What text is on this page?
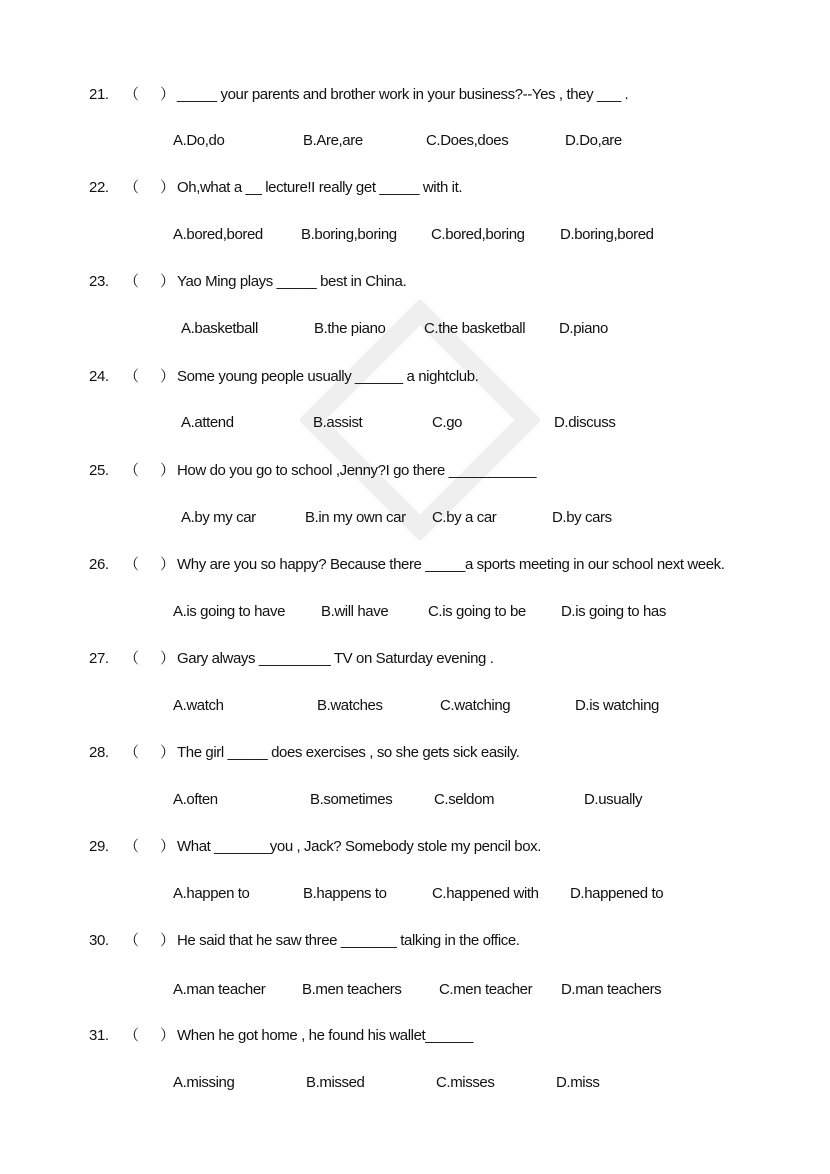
21. （ ） _____ your parents and brother work in your business?--Yes , they ___ .
A.Do,do	B.Are,are	C.Does,does	D.Do,are
22. （ ） Oh,what a __ lecture!I really get _____ with it.
A.bored,bored	B.boring,boring C.bored,boring D.boring,bored
23. （ ） Yao Ming plays _____ best in China.
A.basketball	B.the piano	C.the basketball D.piano
24. （ ） Some young people usually ______ a nightclub.
A.attend	B.assist	C.go	D.discuss
25. （ ） How do you go to school ,Jenny?I go there ___________
A.by my car	B.in my own car C.by a car	D.by cars
26. （ ） Why are you so happy? Because there _____a sports meeting in our school next week.
A.is going to have B.will have	C.is going to be D.is going to has
27. （ ） Gary always _________ TV on Saturday evening .
A.watch	B.watches	C.watching	D.is watching
28. （ ） The girl _____ does exercises , so she gets sick easily.
A.often	B.sometimes	C.seldom	D.usually
29. （ ） What _______you , Jack? Somebody stole my pencil box.
A.happen to	B.happens to	C.happened with D.happened to
30. （ ） He said that he saw three _______ talking in the office.
A.man teacher B.men teachers	C.men teacher D.man teachers
31. （ ） When he got home , he found his wallet______
A.missing	B.missed	C.misses	D.miss
